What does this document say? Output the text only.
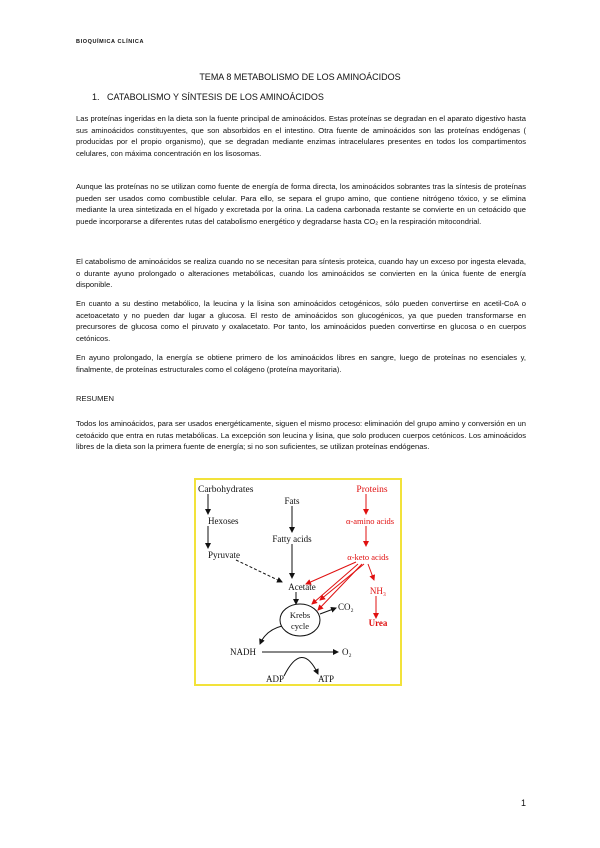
BIOQUÍMICA CLÍNICA
TEMA 8 METABOLISMO DE LOS AMINOÁCIDOS
1.   CATABOLISMO Y SÍNTESIS DE LOS AMINOÁCIDOS
Las proteínas ingeridas en la dieta son la fuente principal de aminoácidos. Estas proteínas se degradan en el aparato digestivo hasta sus aminoácidos constituyentes, que son absorbidos en el intestino. Otra fuente de aminoácidos son las proteínas endógenas ( producidas por el propio organismo), que se degradan mediante enzimas intracelulares presentes en todos los compartimentos celulares, con máxima concentración en los lisosomas.
Aunque las proteínas no se utilizan como fuente de energía de forma directa, los aminoácidos sobrantes tras la síntesis de proteínas pueden ser usados como combustible celular. Para ello, se separa el grupo amino, que contiene nitrógeno tóxico, y se elimina mediante la urea sintetizada en el hígado y excretada por la orina. La cadena carbonada restante se convierte en un cetoácido que puede incorporarse a diferentes rutas del catabolismo energético y degradarse hasta CO₂ en la respiración mitocondrial.
El catabolismo de aminoácidos se realiza cuando no se necesitan para síntesis proteica, cuando hay un exceso por ingesta elevada, o durante ayuno prolongado o alteraciones metabólicas, cuando los aminoácidos se convierten en la única fuente de energía disponible.
En cuanto a su destino metabólico, la leucina y la lisina son aminoácidos cetogénicos, sólo pueden convertirse en acetil-CoA o acetoacetato y no pueden dar lugar a glucosa. El resto de aminoácidos son glucogénicos, ya que pueden transformarse en precursores de glucosa como el piruvato y oxalacetato. Por tanto, los aminoácidos pueden convertirse en glucosa o en cuerpos cetónicos.
En ayuno prolongado, la energía se obtiene primero de los aminoácidos libres en sangre, luego de proteínas no esenciales y, finalmente, de proteínas estructurales como el colágeno (proteína mayoritaria).
RESUMEN
Todos los aminoácidos, para ser usados energéticamente, siguen el mismo proceso: eliminación del grupo amino y conversión en un cetoácido que entra en rutas metabólicas. La excepción son leucina y lisina, que solo producen cuerpos cetónicos. Los aminoácidos libres de la dieta son la primera fuente de energía; si no son suficientes, se utilizan proteínas endógenas.
Carbohydrates
Fats
Proteins
Hexoses
Fatty acids
α-amino acids
Pyruvate	α-keto acids
Acetate	NH₃
Krebs
cycle
CO₂
Urea
NADH	O₂
ADP	ATP
1
